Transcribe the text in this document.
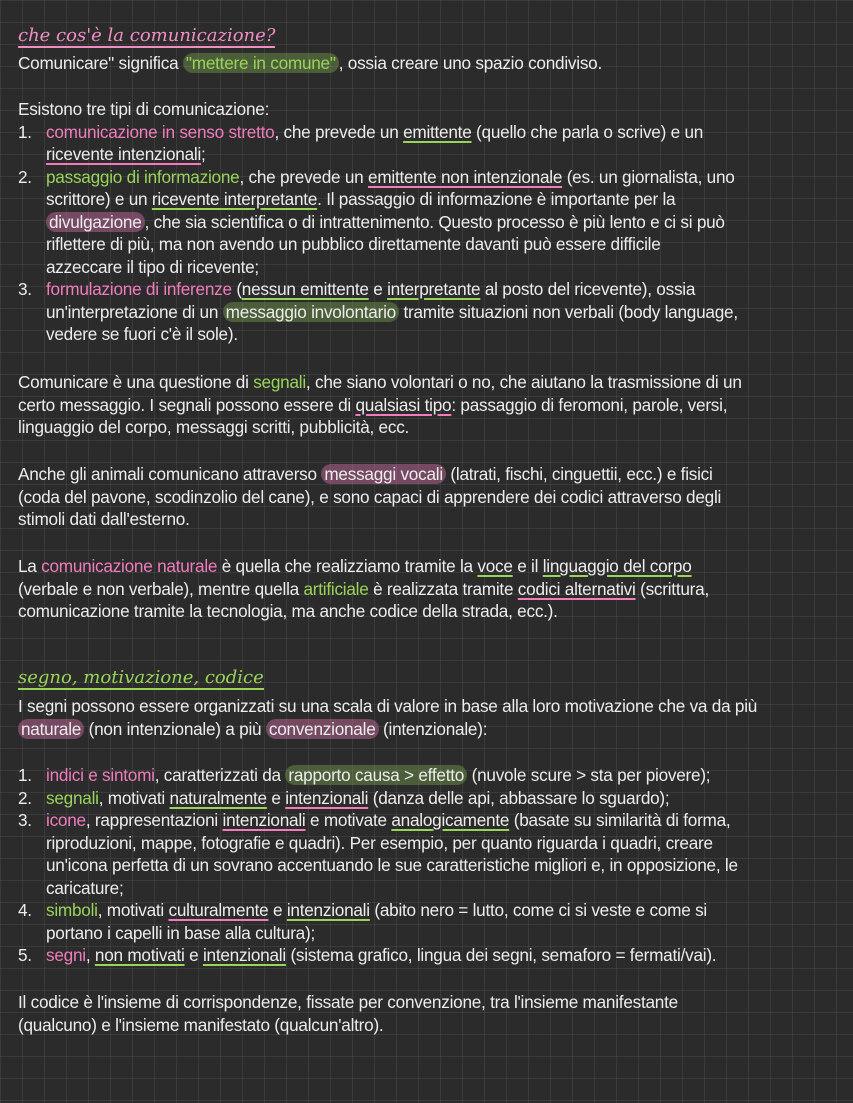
che cos'è la comunicazione?
Comunicare" significa "mettere in comune" , ossia creare uno spazio condiviso.
Esistono tre tipi di comunicazione:
1. comunicazione in senso stretto, che prevede un emittente (quello che parla o scrive) e un
ricevente intenzionali;
2. passaggio di informazione, che prevede un emittente non intenzionale (es. un giornalista, uno
scrittore) e un ricevente interpretante. Il passaggio di informazione è importante per la
divulgazione , che sia scientifica o di intrattenimento. Questo processo è più lento e ci si può
riflettere di più, ma non avendo un pubblico direttamente davanti può essere difficile
azzeccare il tipo di ricevente;
3. formulazione di inferenze (nessun emittente e interpretante al posto del ricevente), ossia
un'interpretazione di un messaggio involontario tramite situazioni non verbali (body language,
vedere se fuori c'è il sole).
Comunicare è una questione di segnali, che siano volontari o no, che aiutano la trasmissione di un
certo messaggio. I segnali possono essere di qualsiasi tipo: passaggio di feromoni, parole, versi,
linguaggio del corpo, messaggi scritti, pubblicità, ecc.
Anche gli animali comunicano attraverso messaggi vocali (latrati, fischi, cinguettii, ecc.) e fisici
(coda del pavone, scodinzolio del cane), e sono capaci di apprendere dei codici attraverso degli
stimoli dati dall'esterno.
La comunicazione naturale è quella che realizziamo tramite la voce e il linguaggio del corpo
(verbale e non verbale), mentre quella artificiale è realizzata tramite codici alternativi (scrittura,
comunicazione tramite la tecnologia, ma anche codice della strada, ecc.).
segno, motivazione, codice
I segni possono essere organizzati su una scala di valore in base alla loro motivazione che va da più
naturale (non intenzionale) a più convenzionale (intenzionale):
1. indici e sintomi, caratterizzati da rapporto causa > effetto (nuvole scure > sta per piovere);
2. segnali, motivati naturalmente e intenzionali (danza delle api, abbassare lo sguardo);
3. icone, rappresentazioni intenzionali e motivate analogicamente (basate su similarità di forma,
riproduzioni, mappe, fotografie e quadri). Per esempio, per quanto riguarda i quadri, creare
un'icona perfetta di un sovrano accentuando le sue caratteristiche migliori e, in opposizione, le
caricature;
4. simboli, motivati culturalmente e intenzionali (abito nero = lutto, come ci si veste e come si
portano i capelli in base alla cultura);
5. segni, non motivati e intenzionali (sistema grafico, lingua dei segni, semaforo = fermati/vai).
Il codice è l'insieme di corrispondenze, fissate per convenzione, tra l'insieme manifestante
(qualcuno) e l'insieme manifestato (qualcun'altro).
